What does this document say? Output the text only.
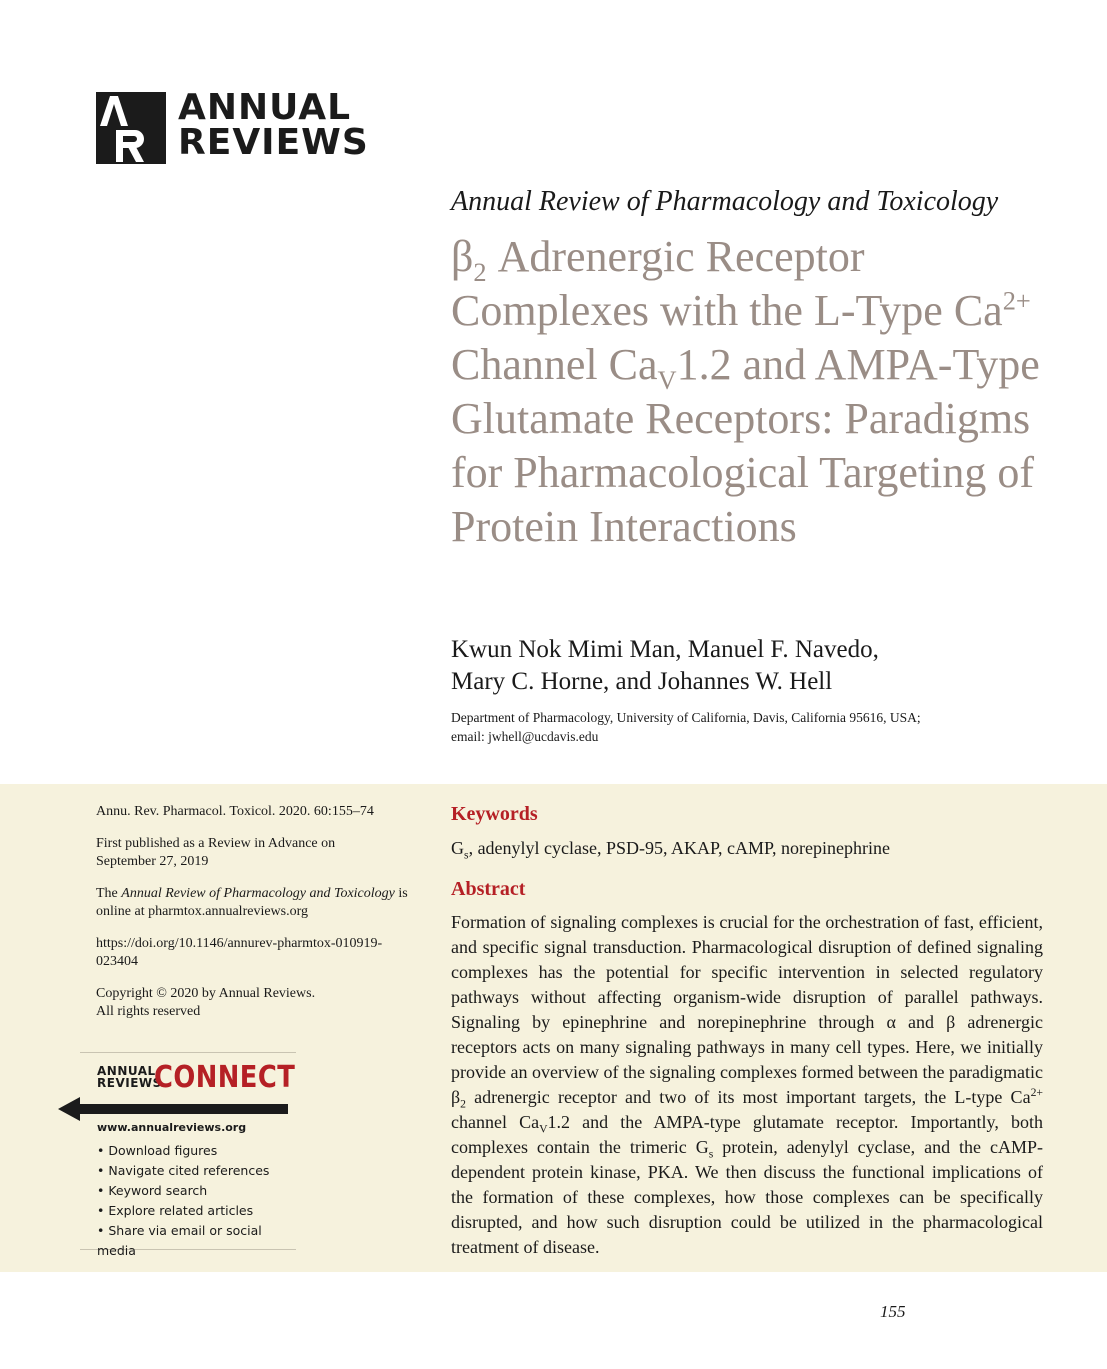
ANNUAL
REVIEWS
Annual Review of Pharmacology and Toxicology
$\beta_2$ Adrenergic Receptor Complexes with the L-Type $Ca^{2+}$ Channel $Ca_V1.2$ and AMPA-Type Glutamate Receptors: Paradigms for Pharmacological Targeting of Protein Interactions
Kwun Nok Mimi Man, Manuel F. Navedo,
Mary C. Horne, and Johannes W. Hell
Department of Pharmacology, University of California, Davis, California 95616, USA;
email: jwhell@ucdavis.edu
Annu. Rev. Pharmacol. Toxicol. 2020. 60:155–74
First published as a Review in Advance on
September 27, 2019
The Annual Review of Pharmacology and Toxicology is
online at pharmtox.annualreviews.org
https://doi.org/10.1146/annurev-pharmtox-010919-
023404
Copyright © 2020 by Annual Reviews.
All rights reserved
ANNUAL
REVIEWS
CONNECT
www.annualreviews.org
• Download figures
• Navigate cited references
• Keyword search
• Explore related articles
• Share via email or social media
Keywords
$G_s$, adenylyl cyclase, PSD-95, AKAP, cAMP, norepinephrine
Abstract
Formation of signaling complexes is crucial for the orchestration of fast, efficient, and specific signal transduction. Pharmacological disruption of defined signaling complexes has the potential for specific intervention in selected regulatory pathways without affecting organism-wide disruption of parallel pathways. Signaling by epinephrine and norepinephrine through α and β adrenergic receptors acts on many signaling pathways in many cell types. Here, we initially provide an overview of the signaling complexes formed between the paradigmatic $\beta_2$ adrenergic receptor and two of its most important targets, the L-type $Ca^{2+}$ channel $Ca_V1.2$ and the AMPA-type glutamate receptor. Importantly, both complexes contain the trimeric $G_s$ protein, adenylyl cyclase, and the cAMP-dependent protein kinase, PKA. We then discuss the functional implications of the formation of these complexes, how those complexes can be specifically disrupted, and how such disruption could be utilized in the pharmacological treatment of disease.
155
